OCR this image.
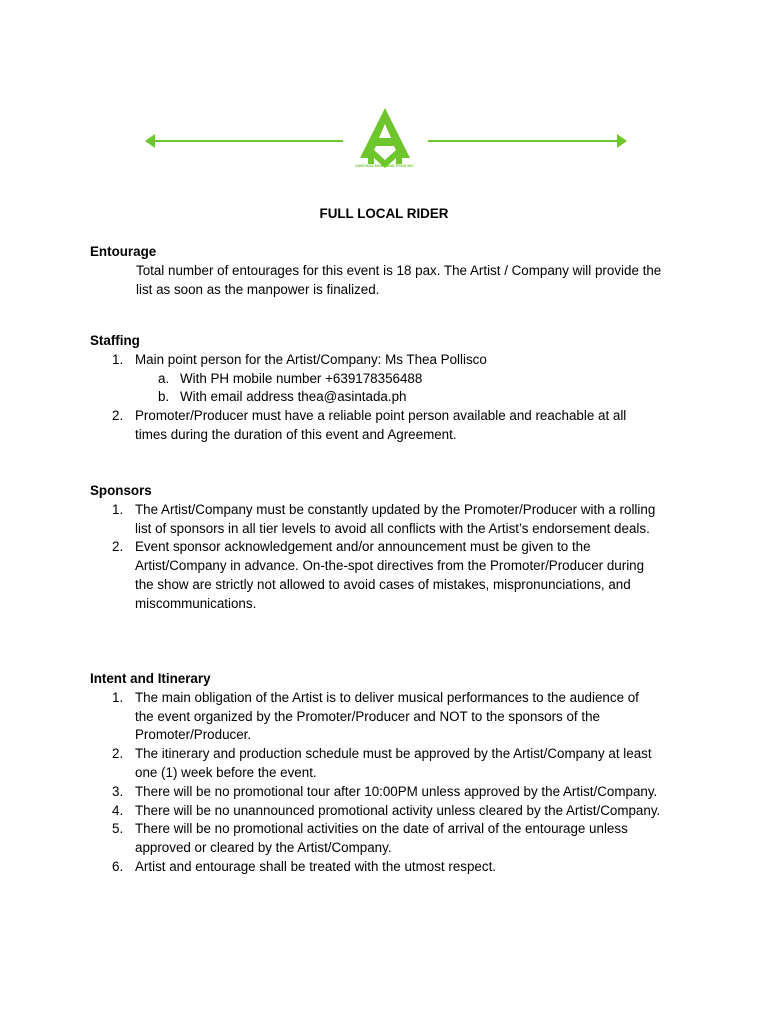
ASINTADA MGMT AND PROD INC.
FULL LOCAL RIDER

Entourage

Total number of entourages for this event is 18 pax. The Artist / Company will provide the
list as soon as the manpower is finalized.

Staffing

1. Main point person for the Artist/Company: Ms Thea Pollisco
a. With PH mobile number +639178356488
b. With email address thea@asintada.ph
2. Promoter/Producer must have a reliable point person available and reachable at all
times during the duration of this event and Agreement.

Sponsors

1. The Artist/Company must be constantly updated by the Promoter/Producer with a rolling
list of sponsors in all tier levels to avoid all conflicts with the Artist’s endorsement deals.
2. Event sponsor acknowledgement and/or announcement must be given to the
Artist/Company in advance. On-the-spot directives from the Promoter/Producer during
the show are strictly not allowed to avoid cases of mistakes, mispronunciations, and
miscommunications.

Intent and Itinerary

1. The main obligation of the Artist is to deliver musical performances to the audience of
the event organized by the Promoter/Producer and NOT to the sponsors of the
Promoter/Producer.
2. The itinerary and production schedule must be approved by the Artist/Company at least
one (1) week before the event.
3. There will be no promotional tour after 10:00PM unless approved by the Artist/Company.
4. There will be no unannounced promotional activity unless cleared by the Artist/Company.
5. There will be no promotional activities on the date of arrival of the entourage unless
approved or cleared by the Artist/Company.
6. Artist and entourage shall be treated with the utmost respect.
